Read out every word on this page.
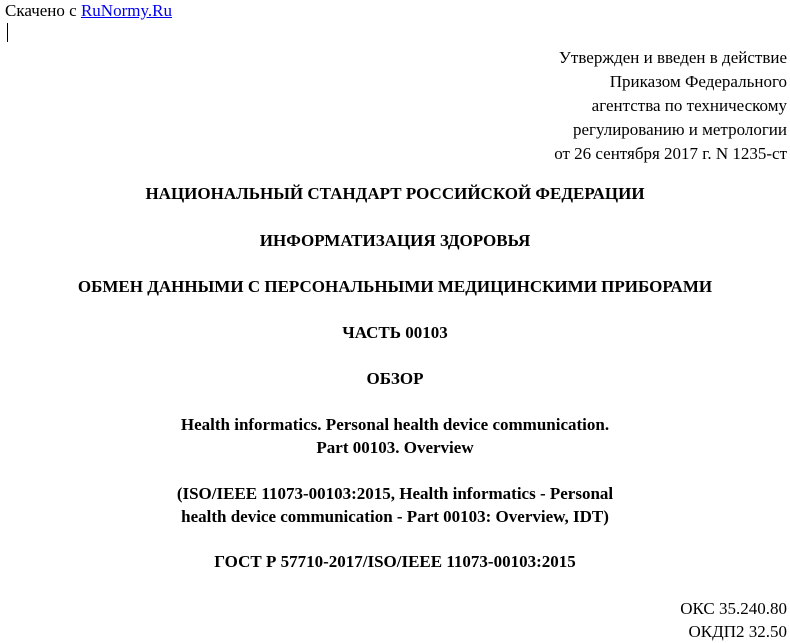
Скачено с RuNormy.Ru
Утвержден и введен в действие
Приказом Федерального
агентства по техническому
регулированию и метрологии
от 26 сентября 2017 г. N 1235-ст
НАЦИОНАЛЬНЫЙ СТАНДАРТ РОССИЙСКОЙ ФЕДЕРАЦИИ
ИНФОРМАТИЗАЦИЯ ЗДОРОВЬЯ
ОБМЕН ДАННЫМИ С ПЕРСОНАЛЬНЫМИ МЕДИЦИНСКИМИ ПРИБОРАМИ
ЧАСТЬ 00103
ОБЗОР
Health informatics. Personal health device communication.
Part 00103. Overview
(ISO/IEEE 11073-00103:2015, Health informatics - Personal
health device communication - Part 00103: Overview, IDT)
ГОСТ Р 57710-2017/ISO/IEEE 11073-00103:2015
ОКС 35.240.80
ОКДП2 32.50
